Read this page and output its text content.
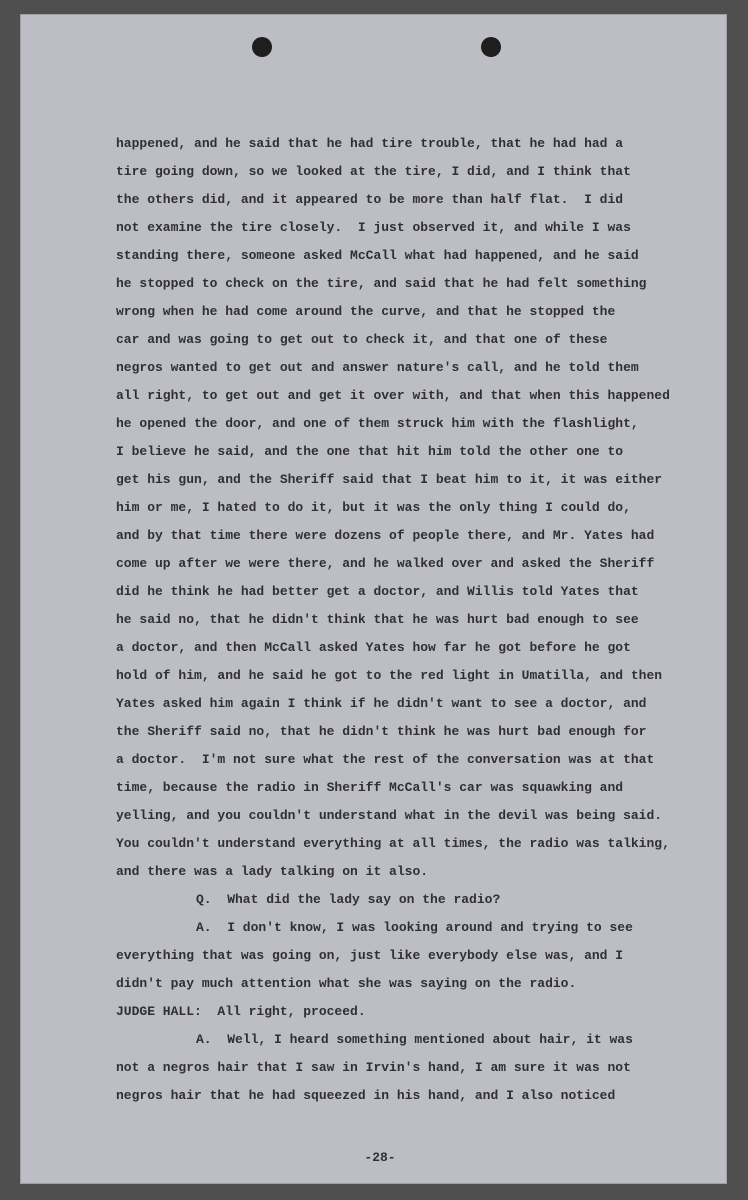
happened, and he said that he had tire trouble, that he had had a
tire going down, so we looked at the tire, I did, and I think that
the others did, and it appeared to be more than half flat.  I did
not examine the tire closely.  I just observed it, and while I was
standing there, someone asked McCall what had happened, and he said
he stopped to check on the tire, and said that he had felt something
wrong when he had come around the curve, and that he stopped the
car and was going to get out to check it, and that one of these
negros wanted to get out and answer nature's call, and he told them
all right, to get out and get it over with, and that when this happened
he opened the door, and one of them struck him with the flashlight,
I believe he said, and the one that hit him told the other one to
get his gun, and the Sheriff said that I beat him to it, it was either
him or me, I hated to do it, but it was the only thing I could do,
and by that time there were dozens of people there, and Mr. Yates had
come up after we were there, and he walked over and asked the Sheriff
did he think he had better get a doctor, and Willis told Yates that
he said no, that he didn't think that he was hurt bad enough to see
a doctor, and then McCall asked Yates how far he got before he got
hold of him, and he said he got to the red light in Umatilla, and then
Yates asked him again I think if he didn't want to see a doctor, and
the Sheriff said no, that he didn't think he was hurt bad enough for
a doctor.  I'm not sure what the rest of the conversation was at that
time, because the radio in Sheriff McCall's car was squawking and
yelling, and you couldn't understand what in the devil was being said.
You couldn't understand everything at all times, the radio was talking,
and there was a lady talking on it also.
Q.  What did the lady say on the radio?
A.  I don't know, I was looking around and trying to see
everything that was going on, just like everybody else was, and I
didn't pay much attention what she was saying on the radio.
JUDGE HALL:  All right, proceed.
A.  Well, I heard something mentioned about hair, it was
not a negros hair that I saw in Irvin's hand, I am sure it was not
negros hair that he had squeezed in his hand, and I also noticed
-28-
